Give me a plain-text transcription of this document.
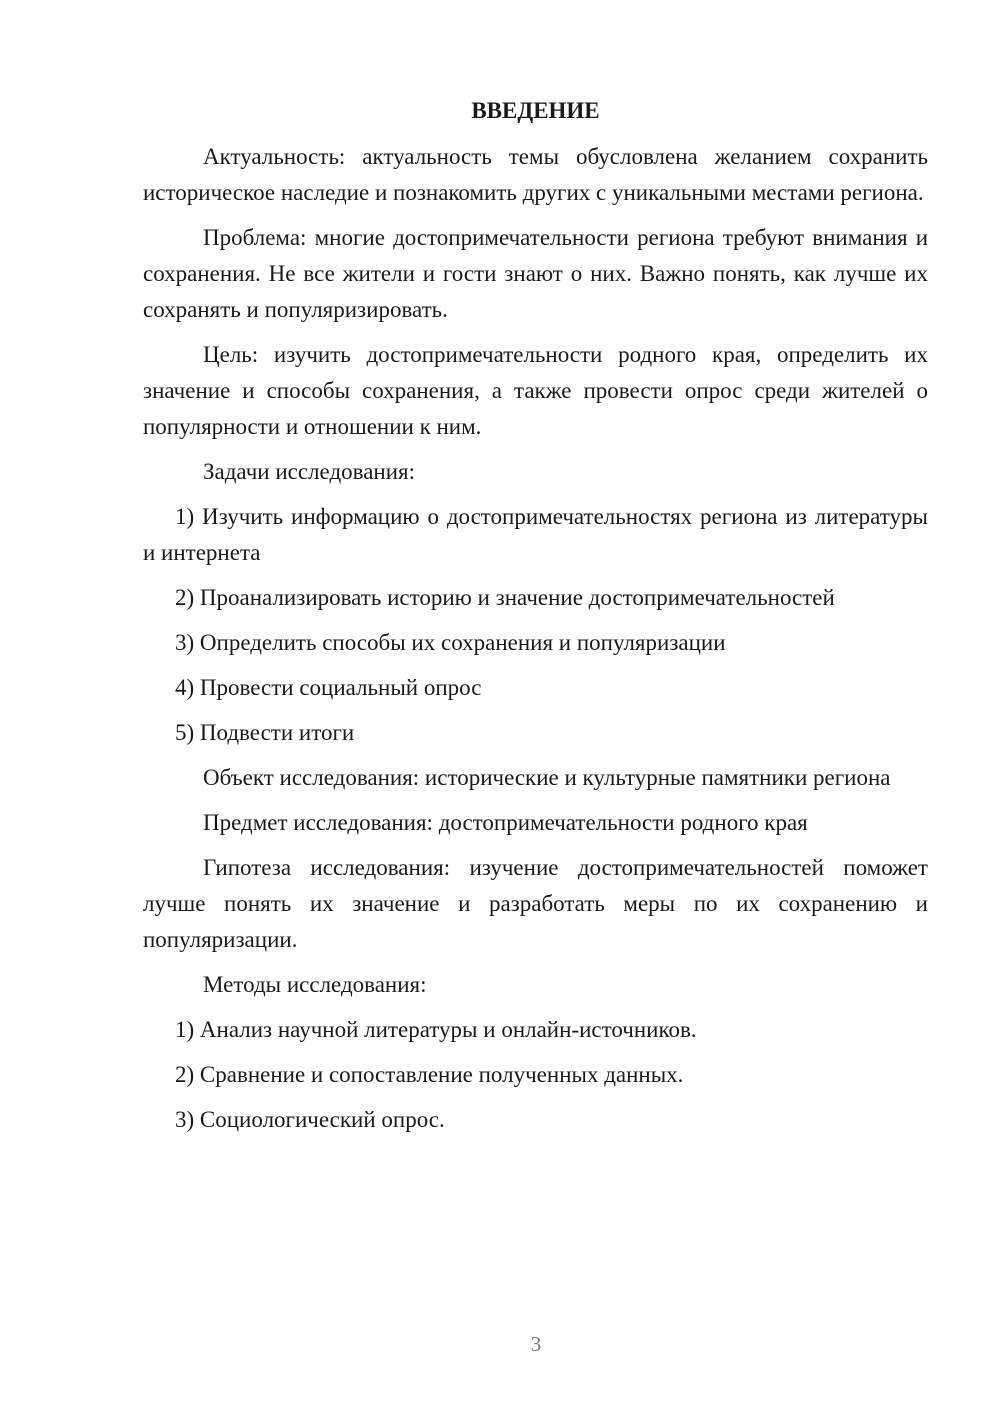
ВВЕДЕНИЕ

Актуальность: актуальность темы обусловлена желанием сохранить историческое наследие и познакомить других с уникальными местами региона.

Проблема: многие достопримечательности региона требуют внимания и сохранения. Не все жители и гости знают о них. Важно понять, как лучше их сохранять и популяризировать.

Цель: изучить достопримечательности родного края, определить их значение и способы сохранения, а также провести опрос среди жителей о популярности и отношении к ним.

Задачи исследования:

1) Изучить информацию о достопримечательностях региона из литературы и интернета

2) Проанализировать историю и значение достопримечательностей

3) Определить способы их сохранения и популяризации

4) Провести социальный опрос

5) Подвести итоги

Объект исследования: исторические и культурные памятники региона

Предмет исследования: достопримечательности родного края

Гипотеза исследования: изучение достопримечательностей поможет лучше понять их значение и разработать меры по их сохранению и популяризации.

Методы исследования:

1) Анализ научной литературы и онлайн-источников.

2) Сравнение и сопоставление полученных данных.

3) Социологический опрос.

3
